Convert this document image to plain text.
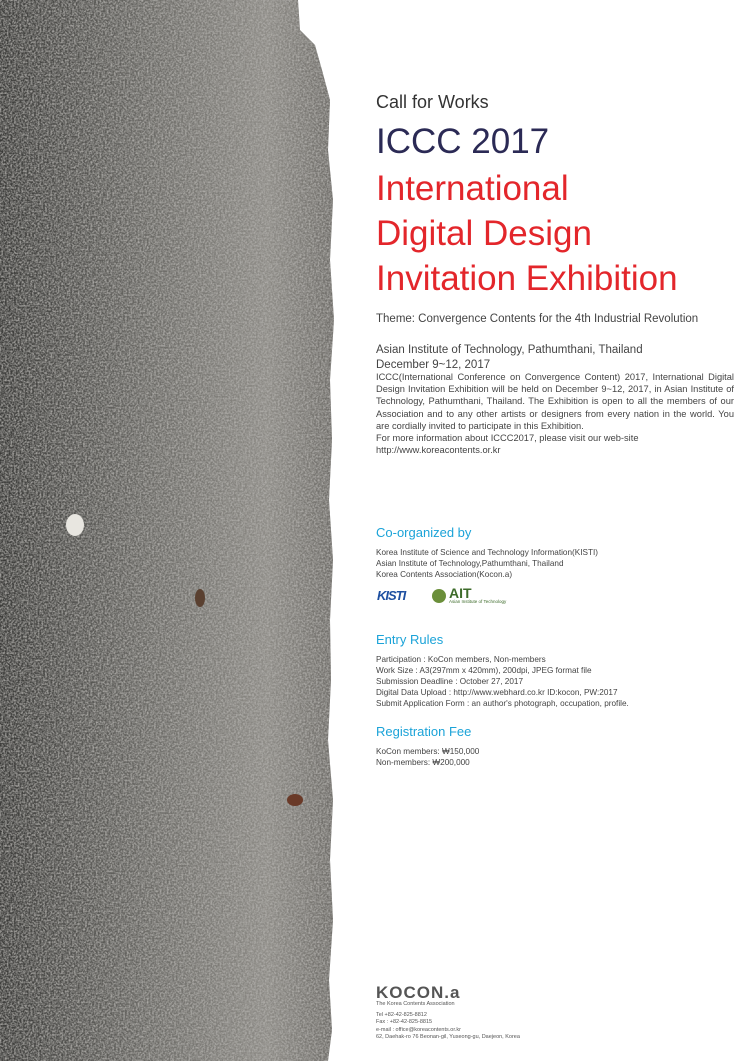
Call for Works
ICCC 2017
International
Digital Design
Invitation Exhibition
Theme: Convergence Contents for the 4th Industrial Revolution
Asian Institute of Technology, Pathumthani, Thailand
December 9~12, 2017
ICCC(International Conference on Convergence Content) 2017, International Digital Design Invitation Exhibition will be held on December 9~12, 2017, in Asian Institute of Technology, Pathumthani, Thailand. The Exhibition is open to all the members of our Association and to any other artists or designers from every nation in the world. You are cordially invited to participate in this Exhibition.
For more information about ICCC2017, please visit our web-site
http://www.koreacontents.or.kr
Co-organized by
Korea Institute of Science and Technology Information(KISTI)
Asian Institute of Technology,Pathumthani, Thailand
Korea Contents Association(Kocon.a)
KISTI	AIT
Asian Institute of Technology
Entry Rules
Participation : KoCon members, Non-members
Work Size : A3(297mm x 420mm), 200dpi, JPEG format file
Submission Deadline : October 27, 2017
Digital Data Upload : http://www.webhard.co.kr ID:kocon, PW:2017
Submit Application Form : an author's photograph, occupation, profile.
Registration Fee
KoCon members: ₩150,000
Non-members: ₩200,000
KOCON.a
The Korea Contents Association
Tel +82-42-825-8812
Fax : +82-42-825-8815
e-mail : office@koreacontents.or.kr
62, Daehak-ro 76 Beonan-gil, Yuseong-gu, Daejeon, Korea
